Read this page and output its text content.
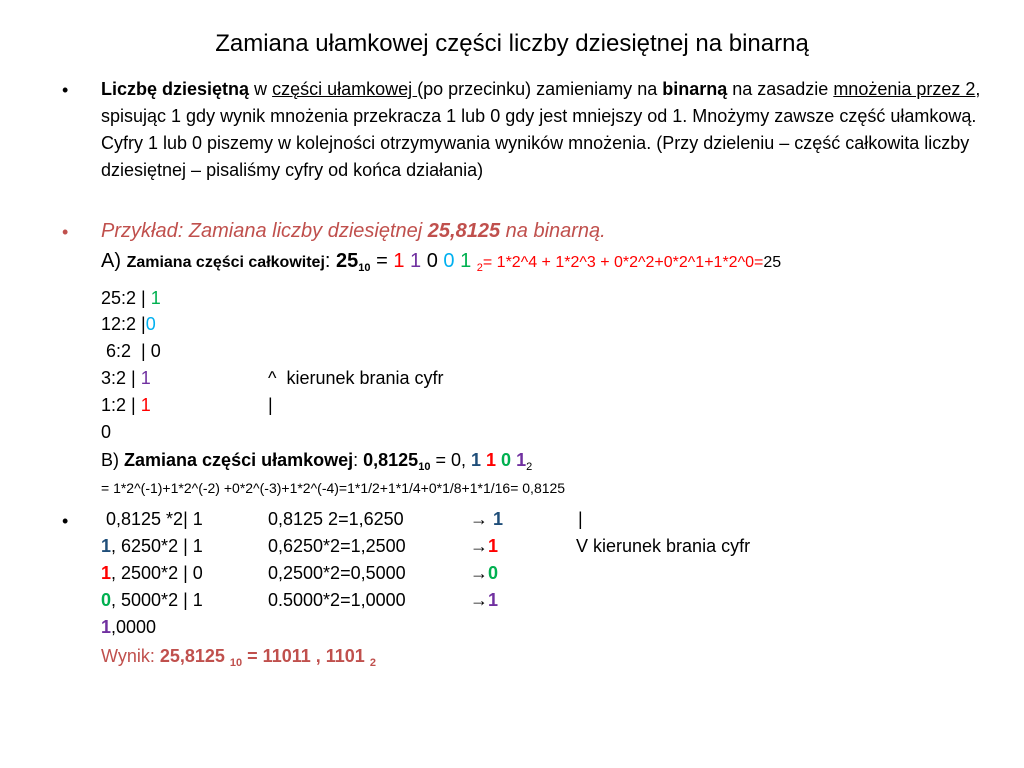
Zamiana ułamkowej części liczby dziesiętnej na binarną
• Liczbę dziesiętną w części ułamkowej (po przecinku) zamieniamy na binarną na zasadzie mnożenia przez 2, spisując 1 gdy wynik mnożenia przekracza 1 lub 0 gdy jest mniejszy od 1. Mnożymy zawsze część ułamkową. Cyfry 1 lub 0 piszemy w kolejności otrzymywania wyników mnożenia. (Przy dzieleniu – część całkowita liczby dziesiętnej – pisaliśmy cyfry od końca działania)
• Przykład: Zamiana liczby dziesiętnej 25,8125 na binarną.
A) Zamiana części całkowitej: $25_{10} = 1$ 1 0 0 1 $_2$= 1*2^4 + 1*2^3 + 0*2^2+0*2^1+1*2^0=25
25:2 | 1
12:2 |0
6:2  | 0
3:2 | 1	^  kierunek brania cyfr
1:2 | 1	|
0
B) Zamiana części ułamkowej: $0,8125_{10} = 0$, 1 1 0 $1_2$
= 1*2^(-1)+1*2^(-2) +0*2^(-3)+1*2^(-4)=1*1/2+1*1/4+0*1/8+1*1/16= 0,8125
• 0,8125 *2| 1	0,8125 2=1,6250	→ 1	|
1, 6250*2 | 1	0,6250*2=1,2500	→1	V kierunek brania cyfr
1, 2500*2 | 0	0,2500*2=0,5000	→0
0, 5000*2 | 1	0.5000*2=1,0000	→1
1,0000
Wynik: 25,8125 $_{10}$ = 11011 , 1101 $_2$
